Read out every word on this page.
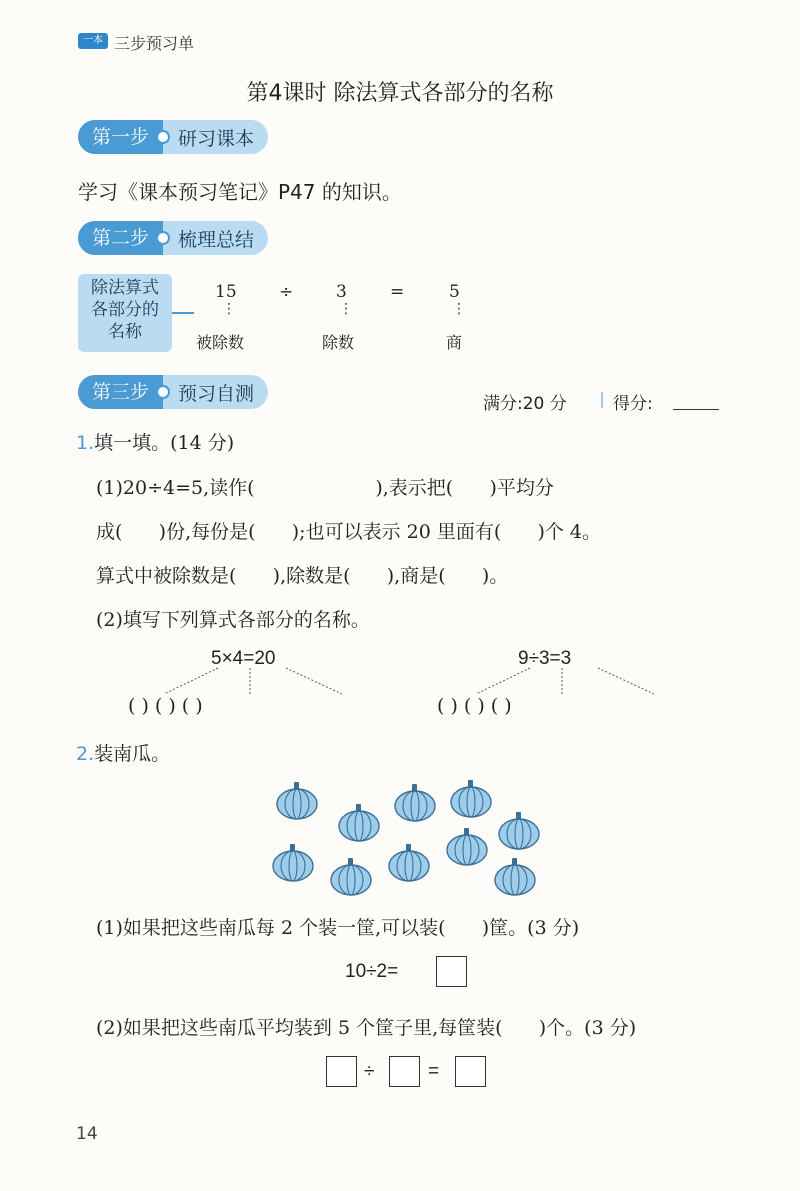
一本 三步预习单
第4课时 除法算式各部分的名称
第一步	研习课本
学习《课本预习笔记》P47 的知识。
第二步	梳理总结
除法算式
各部分的
名称
15 ÷	3	=	5
⋮	⋮	⋮
被除数	除数	商
第三步	预习自测	满分:20 分	得分:
1.填一填。(14 分)
(1)20÷4=5,读作(                    ),表示把(      )平均分
成(      )份,每份是(      );也可以表示 20 里面有(      )个 4。
算式中被除数是(      ),除数是(      ),商是(      )。
(2)填写下列算式各部分的名称。
5×4=20	9÷3=3
( ) ( ) ( )	( ) ( ) ( )
2.装南瓜。
(1)如果把这些南瓜每 2 个装一筐,可以装(      )筐。(3 分)
10÷2=
(2)如果把这些南瓜平均装到 5 个筐子里,每筐装(      )个。(3 分)
÷	=
14
